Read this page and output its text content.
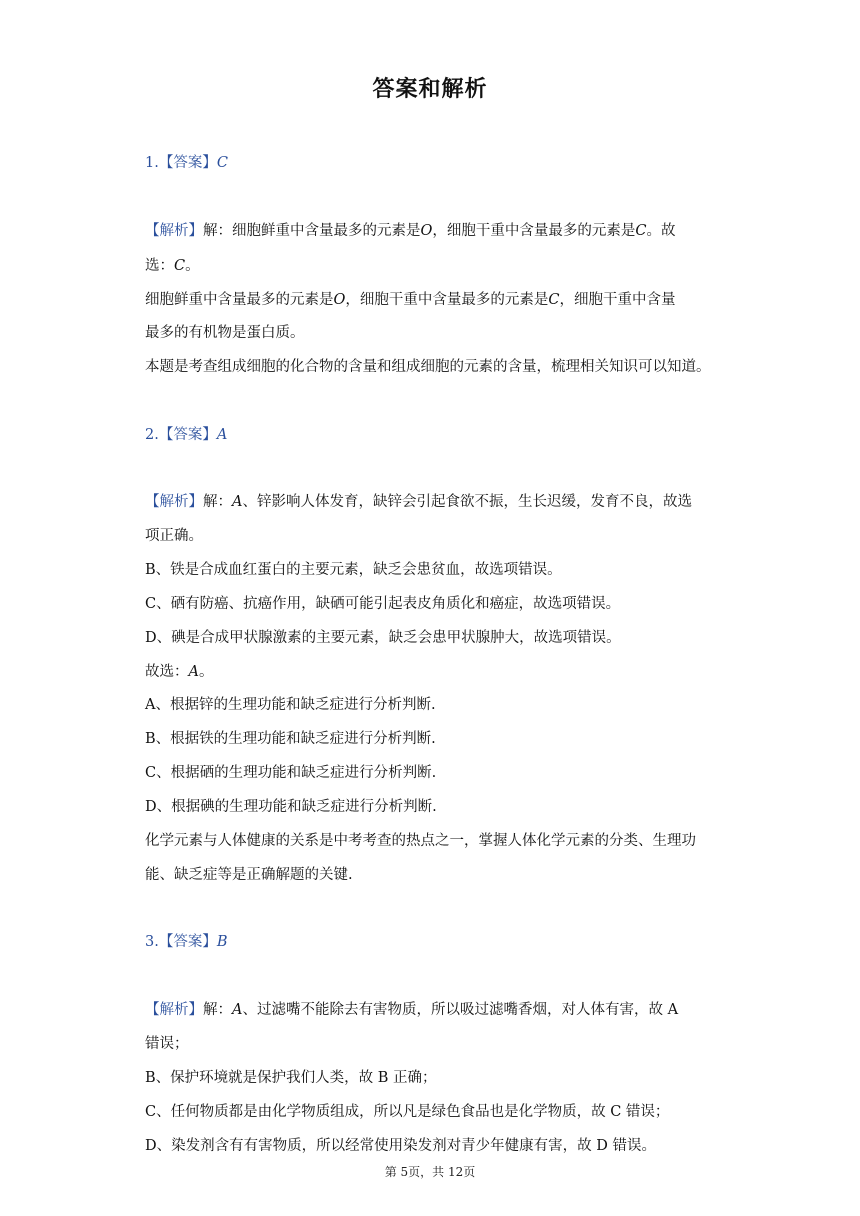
答案和解析
1.【答案】C
【解析】解：细胞鲜重中含量最多的元素是O，细胞干重中含量最多的元素是C。故
选：C。
细胞鲜重中含量最多的元素是O，细胞干重中含量最多的元素是C，细胞干重中含量
最多的有机物是蛋白质。
本题是考查组成细胞的化合物的含量和组成细胞的元素的含量，梳理相关知识可以知道。
2.【答案】A
【解析】解：A、锌影响人体发育，缺锌会引起食欲不振，生长迟缓，发育不良，故选
项正确。
B、铁是合成血红蛋白的主要元素，缺乏会患贫血，故选项错误。
C、硒有防癌、抗癌作用，缺硒可能引起表皮角质化和癌症，故选项错误。
D、碘是合成甲状腺激素的主要元素，缺乏会患甲状腺肿大，故选项错误。
故选：A。
A、根据锌的生理功能和缺乏症进行分析判断.
B、根据铁的生理功能和缺乏症进行分析判断.
C、根据硒的生理功能和缺乏症进行分析判断.
D、根据碘的生理功能和缺乏症进行分析判断.
化学元素与人体健康的关系是中考考查的热点之一，掌握人体化学元素的分类、生理功
能、缺乏症等是正确解题的关键.
3.【答案】B
【解析】解：A、过滤嘴不能除去有害物质，所以吸过滤嘴香烟，对人体有害，故 A
错误；
B、保护环境就是保护我们人类，故 B 正确；
C、任何物质都是由化学物质组成，所以凡是绿色食品也是化学物质，故 C 错误；
D、染发剂含有有害物质，所以经常使用染发剂对青少年健康有害，故 D 错误。
第 5页，共 12页
